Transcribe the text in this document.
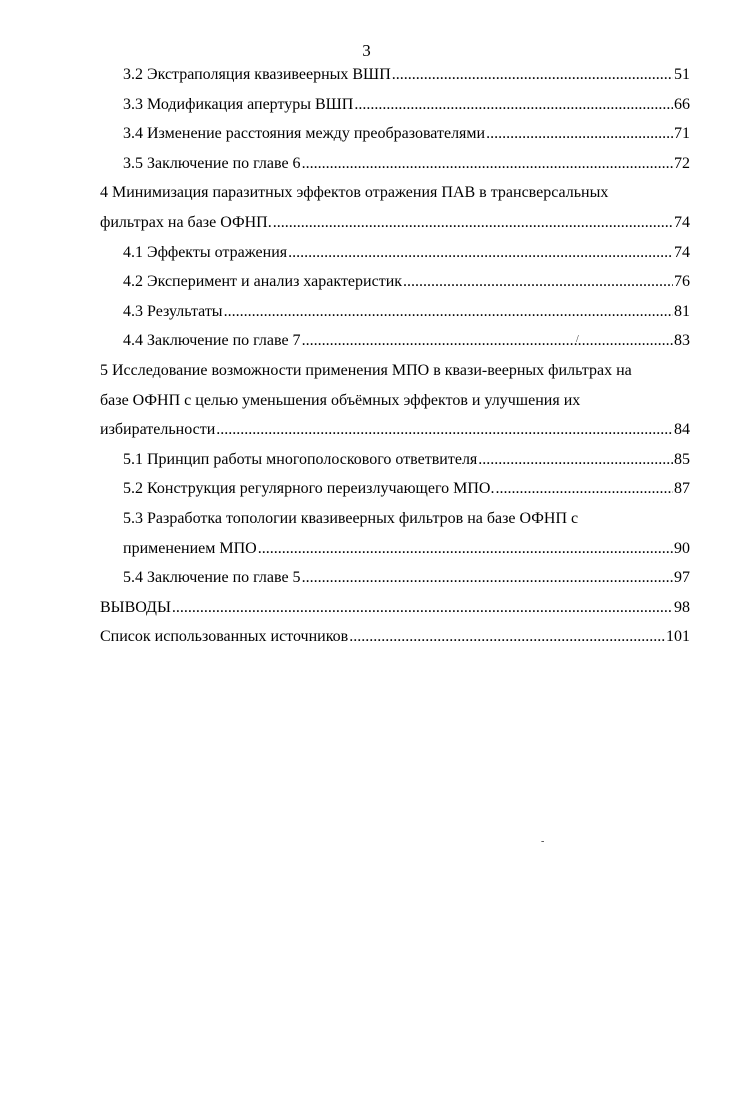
3
3.2 Экстраполяция квазивеерных ВШП .....	51
3.3 Модификация апертуры ВШП .....	66
3.4 Изменение расстояния между преобразователями .....	71
3.5 Заключение по главе 6 .....	72
4 Минимизация паразитных эффектов отражения ПАВ в трансверсальных
фильтрах на базе ОФНП. .....	74
4.1 Эффекты отражения .....	74
4.2 Эксперимент и анализ характеристик .....	76
4.3 Результаты .....	81
4.4 Заключение по главе 7 .....	83
5 Исследование возможности применения МПО в квази-веерных фильтрах на
базе ОФНП с целью уменьшения объёмных эффектов и улучшения их
избирательности .....	84
5.1 Принцип работы многополоскового ответвителя .....	85
5.2 Конструкция регулярного переизлучающего МПО. .....	87
5.3 Разработка топологии квазивеерных фильтров на базе ОФНП с
применением МПО .....	90
5.4 Заключение по главе 5 .....	97
ВЫВОДЫ .....	98
Список использованных источников .....	101
/
-
